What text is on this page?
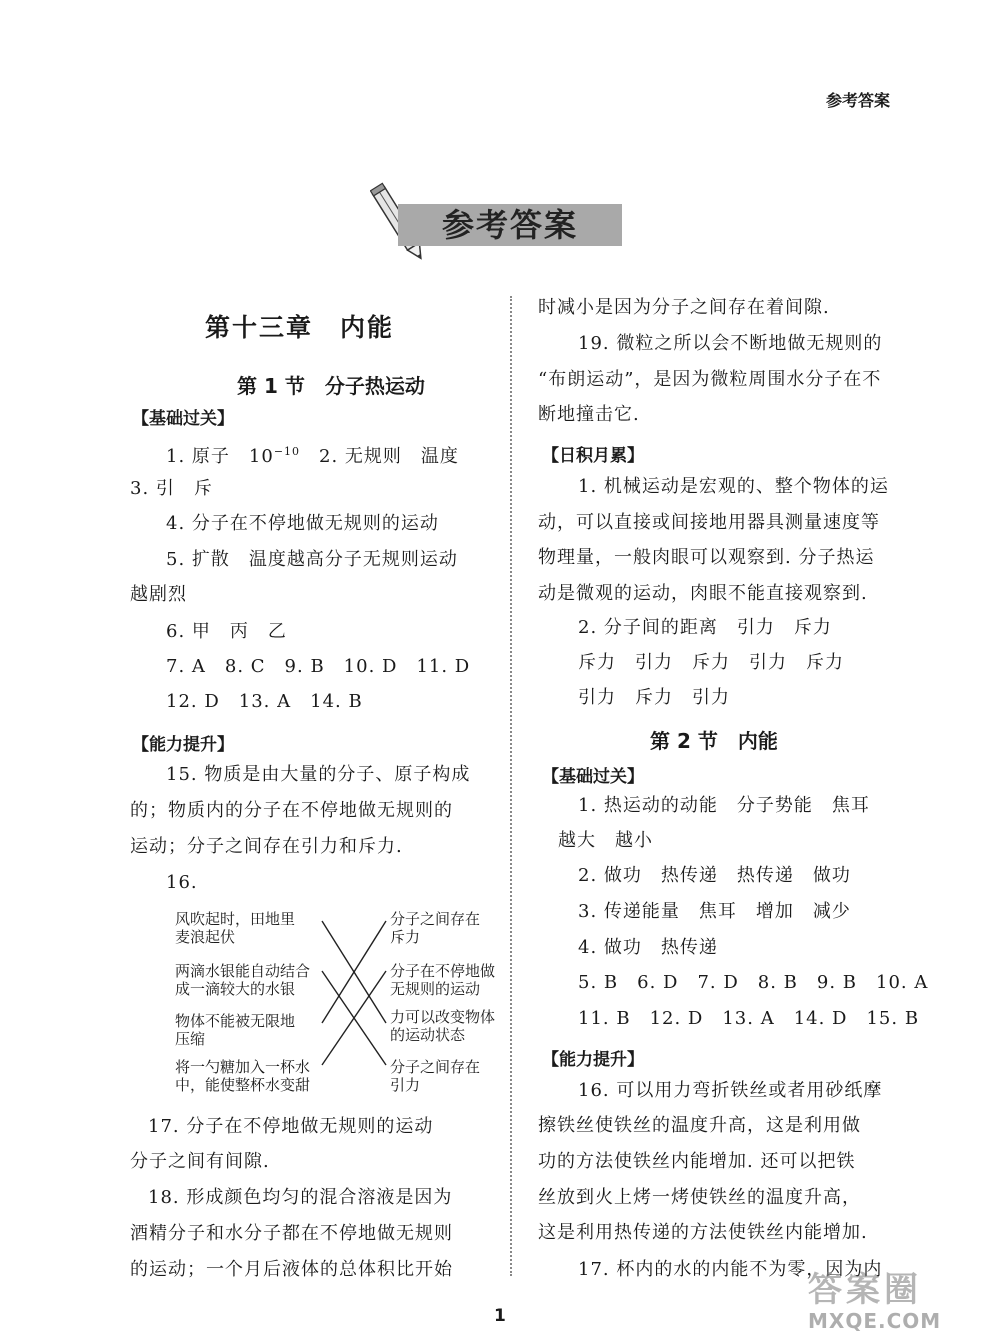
参考答案
参考答案
第十三章　内能
第 1 节　分子热运动
【基础过关】
1. 原子　$10^{-10}$　2. 无规则　温度
3. 引　斥
4. 分子在不停地做无规则的运动
5. 扩散　温度越高分子无规则运动
越剧烈
6. 甲　丙　乙
7. A　8. C　9. B　10. D　11. D
12. D　13. A　14. B
【能力提升】
15. 物质是由大量的分子、原子构成
的；物质内的分子在不停地做无规则的
运动；分子之间存在引力和斥力.
16.
风吹起时，田地里
麦浪起伏
两滴水银能自动结合
成一滴较大的水银
物体不能被无限地
压缩
将一勺糖加入一杯水
中，能使整杯水变甜
分子之间存在
斥力
分子在不停地做
无规则的运动
力可以改变物体
的运动状态
分子之间存在
引力
17. 分子在不停地做无规则的运动
分子之间有间隙.
18. 形成颜色均匀的混合溶液是因为
酒精分子和水分子都在不停地做无规则
的运动；一个月后液体的总体积比开始
时减小是因为分子之间存在着间隙.
19. 微粒之所以会不断地做无规则的
“布朗运动”，是因为微粒周围水分子在不
断地撞击它.
【日积月累】
1. 机械运动是宏观的、整个物体的运
动，可以直接或间接地用器具测量速度等
物理量，一般肉眼可以观察到. 分子热运
动是微观的运动，肉眼不能直接观察到.
2. 分子间的距离　引力　斥力
斥力　引力　斥力　引力　斥力
引力　斥力　引力
第 2 节　内能
【基础过关】
1. 热运动的动能　分子势能　焦耳
越大　越小
2. 做功　热传递　热传递　做功
3. 传递能量　焦耳　增加　减少
4. 做功　热传递
5. B　6. D　7. D　8. B　9. B　10. A
11. B　12. D　13. A　14. D　15. B
【能力提升】
16. 可以用力弯折铁丝或者用砂纸摩
擦铁丝使铁丝的温度升高，这是利用做
功的方法使铁丝内能增加. 还可以把铁
丝放到火上烤一烤使铁丝的温度升高，
这是利用热传递的方法使铁丝内能增加.
17. 杯内的水的内能不为零，因为内
1
答案圈
MXQE.COM
